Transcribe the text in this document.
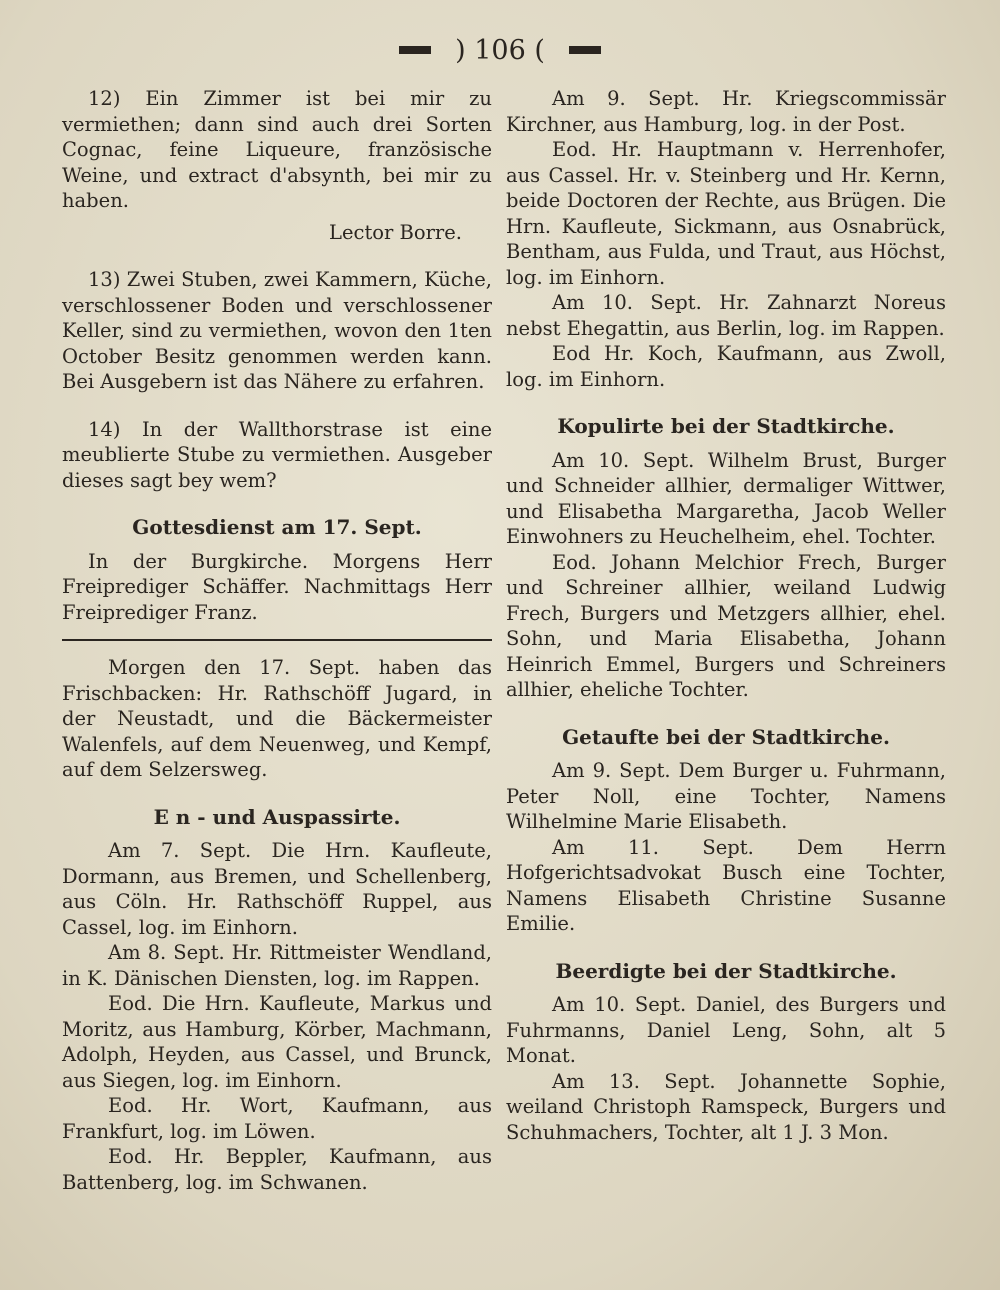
) 106 (

12) Ein Zimmer ist bei mir zu vermiethen; dann sind auch drei Sorten Cognac, feine Liqueure, französische Weine, und extract d'absynth, bei mir zu haben.

Lector Borre.

13) Zwei Stuben, zwei Kammern, Küche, verschlossener Boden und verschlossener Keller, sind zu vermiethen, wovon den 1ten October Besitz genommen werden kann. Bei Ausgebern ist das Nähere zu erfahren.

14) In der Wallthorstrase ist eine meublierte Stube zu vermiethen. Ausgeber dieses sagt bey wem?

Gottesdienst am 17. Sept.

In der Burgkirche. Morgens Herr Freiprediger Schäffer. Nachmittags Herr Freiprediger Franz.

Morgen den 17. Sept. haben das Frischbacken: Hr. Rathschöff Jugard, in der Neustadt, und die Bäckermeister Walenfels, auf dem Neuenweg, und Kempf, auf dem Selzersweg.

E n - und Auspassirte.

Am 7. Sept. Die Hrn. Kaufleute, Dormann, aus Bremen, und Schellenberg, aus Cöln. Hr. Rathschöff Ruppel, aus Cassel, log. im Einhorn.

Am 8. Sept. Hr. Rittmeister Wendland, in K. Dänischen Diensten, log. im Rappen.

Eod. Die Hrn. Kaufleute, Markus und Moritz, aus Hamburg, Körber, Machmann, Adolph, Heyden, aus Cassel, und Brunck, aus Siegen, log. im Einhorn.

Eod. Hr. Wort, Kaufmann, aus Frankfurt, log. im Löwen.

Eod. Hr. Beppler, Kaufmann, aus Battenberg, log. im Schwanen.

Am 9. Sept. Hr. Kriegscommissär Kirchner, aus Hamburg, log. in der Post.

Eod. Hr. Hauptmann v. Herrenhofer, aus Cassel. Hr. v. Steinberg und Hr. Kernn, beide Doctoren der Rechte, aus Brügen. Die Hrn. Kaufleute, Sickmann, aus Osnabrück, Bentham, aus Fulda, und Traut, aus Höchst, log. im Einhorn.

Am 10. Sept. Hr. Zahnarzt Noreus nebst Ehegattin, aus Berlin, log. im Rappen.

Eod Hr. Koch, Kaufmann, aus Zwoll, log. im Einhorn.

Kopulirte bei der Stadtkirche.

Am 10. Sept. Wilhelm Brust, Burger und Schneider allhier, dermaliger Wittwer, und Elisabetha Margaretha, Jacob Weller Einwohners zu Heuchelheim, ehel. Tochter.

Eod. Johann Melchior Frech, Burger und Schreiner allhier, weiland Ludwig Frech, Burgers und Metzgers allhier, ehel. Sohn, und Maria Elisabetha, Johann Heinrich Emmel, Burgers und Schreiners allhier, eheliche Tochter.

Getaufte bei der Stadtkirche.

Am 9. Sept. Dem Burger u. Fuhrmann, Peter Noll, eine Tochter, Namens Wilhelmine Marie Elisabeth.

Am 11. Sept. Dem Herrn Hofgerichtsadvokat Busch eine Tochter, Namens Elisabeth Christine Susanne Emilie.

Beerdigte bei der Stadtkirche.

Am 10. Sept. Daniel, des Burgers und Fuhrmanns, Daniel Leng, Sohn, alt 5 Monat.

Am 13. Sept. Johannette Sophie, weiland Christoph Ramspeck, Burgers und Schuhmachers, Tochter, alt 1 J. 3 Mon.
